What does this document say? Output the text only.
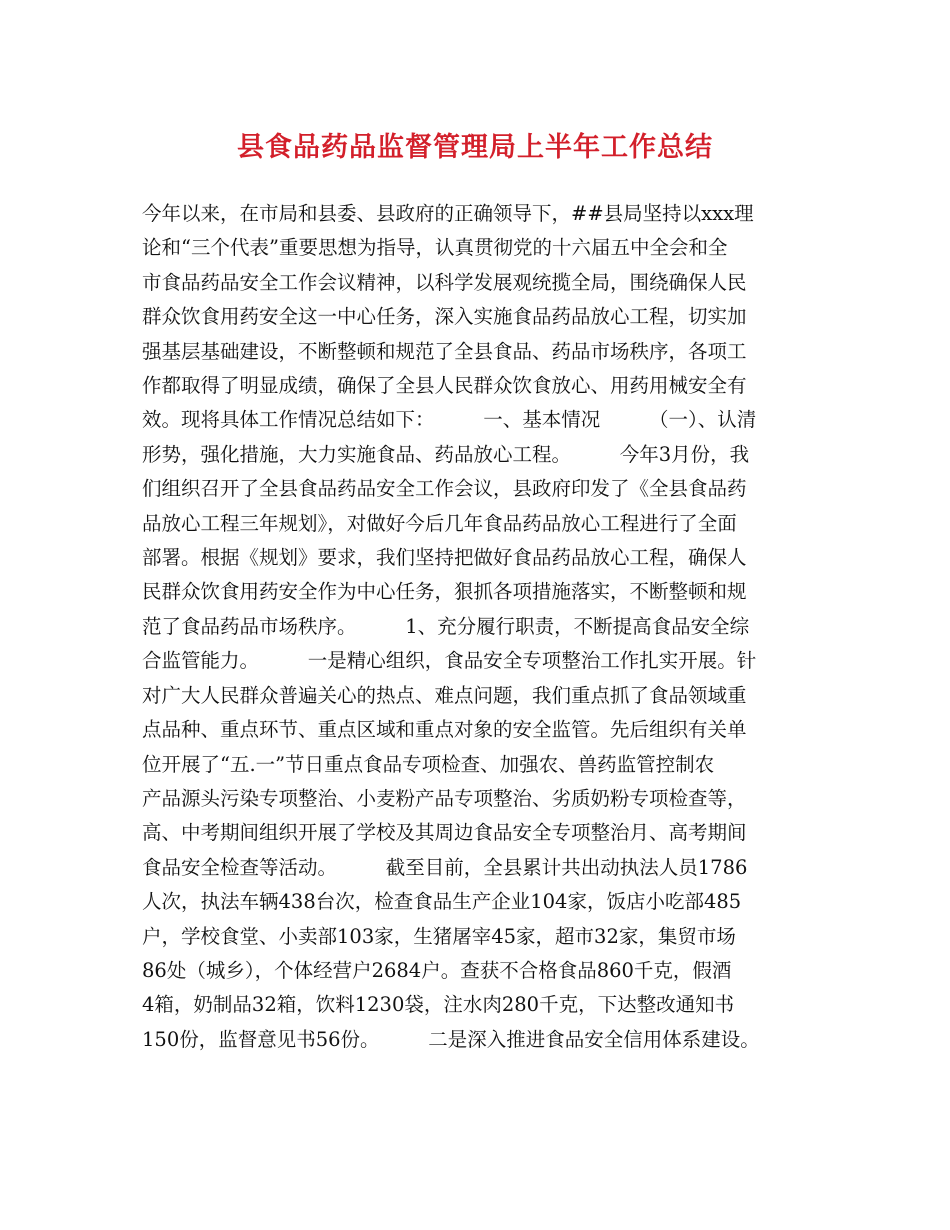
县食品药品监督管理局上半年工作总结
今年以来，在市局和县委、县政府的正确领导下，##县局坚持以xxx理
论和“三个代表”重要思想为指导，认真贯彻党的十六届五中全会和全
市食品药品安全工作会议精神，以科学发展观统揽全局，围绕确保人民
群众饮食用药安全这一中心任务，深入实施食品药品放心工程，切实加
强基层基础建设，不断整顿和规范了全县食品、药品市场秩序，各项工
作都取得了明显成绩，确保了全县人民群众饮食放心、用药用械安全有
效。现将具体工作情况总结如下：　　　一、基本情况　　　（一）、认清
形势，强化措施，大力实施食品、药品放心工程。　　　今年3月份，我
们组织召开了全县食品药品安全工作会议，县政府印发了《全县食品药
品放心工程三年规划》，对做好今后几年食品药品放心工程进行了全面
部署。根据《规划》要求，我们坚持把做好食品药品放心工程，确保人
民群众饮食用药安全作为中心任务，狠抓各项措施落实，不断整顿和规
范了食品药品市场秩序。　　　1、充分履行职责，不断提高食品安全综
合监管能力。　　　一是精心组织，食品安全专项整治工作扎实开展。针
对广大人民群众普遍关心的热点、难点问题，我们重点抓了食品领域重
点品种、重点环节、重点区域和重点对象的安全监管。先后组织有关单
位开展了“五.一”节日重点食品专项检查、加强农、兽药监管控制农
产品源头污染专项整治、小麦粉产品专项整治、劣质奶粉专项检查等，
高、中考期间组织开展了学校及其周边食品安全专项整治月、高考期间
食品安全检查等活动。　　　截至目前，全县累计共出动执法人员1786
人次，执法车辆438台次，检查食品生产企业104家，饭店小吃部485
户，学校食堂、小卖部103家，生猪屠宰45家，超市32家，集贸市场
86处（城乡），个体经营户2684户。查获不合格食品860千克，假酒
4箱，奶制品32箱，饮料1230袋，注水肉280千克，下达整改通知书
150份，监督意见书56份。　　　二是深入推进食品安全信用体系建设。
